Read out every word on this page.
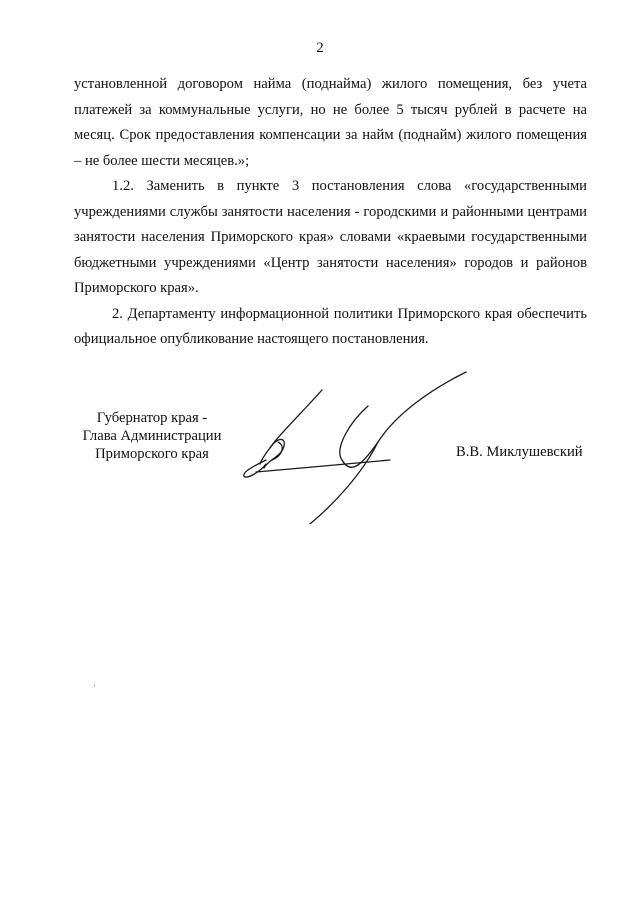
2

установленной договором найма (поднайма) жилого помещения, без учета платежей за коммунальные услуги, но не более 5 тысяч рублей в расчете на месяц. Срок предоставления компенсации за найм (поднайм) жилого помещения – не более шести месяцев.»;

1.2. Заменить в пункте 3 постановления слова «государственными учреждениями службы занятости населения - городскими и районными центрами занятости населения Приморского края» словами «краевыми государственными бюджетными учреждениями «Центр занятости населения» городов и районов Приморского края».

2. Департаменту информационной политики Приморского края обеспечить официальное опубликование настоящего постановления.

Губернатор края -
Глава Администрации
Приморского края	В.В. Миклушевский
